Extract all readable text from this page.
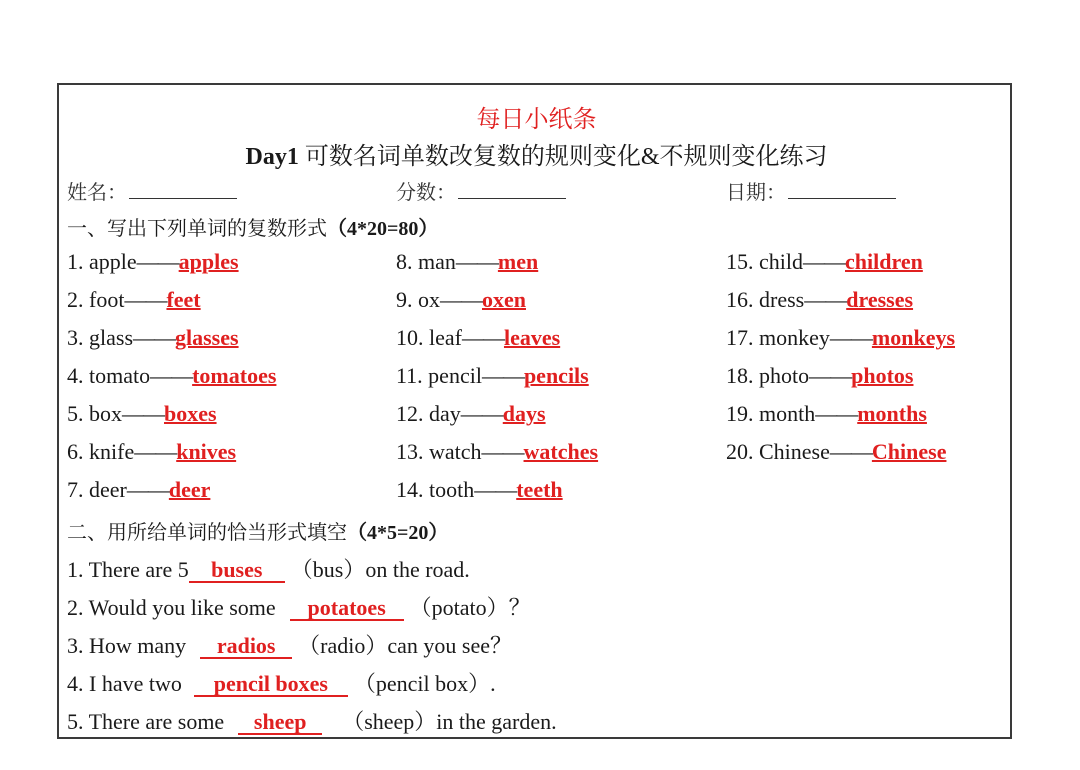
每日小纸条
Day1 可数名词单数改复数的规则变化&不规则变化练习
姓名：	分数：	日期：
一、写出下列单词的复数形式（4*20=80）
1. apple——apples
2. foot——feet
3. glass——glasses
4. tomato——tomatoes
5. box——boxes
6. knife——knives
7. deer——deer
8. man——men
9. ox——oxen
10. leaf——leaves
11. pencil——pencils
12. day——days
13. watch——watches
14. tooth——teeth
15. child——children
16. dress——dresses
17. monkey——monkeys
18. photo——photos
19. month——months
20. Chinese——Chinese
二、用所给单词的恰当形式填空（4*5=20）
1. There are 5 buses （bus）on the road.
2. Would you like some potatoes （potato）？
3. How many radios （radio）can you see？
4. I have two pencil boxes （pencil box）.
5. There are some sheep （sheep）in the garden.
